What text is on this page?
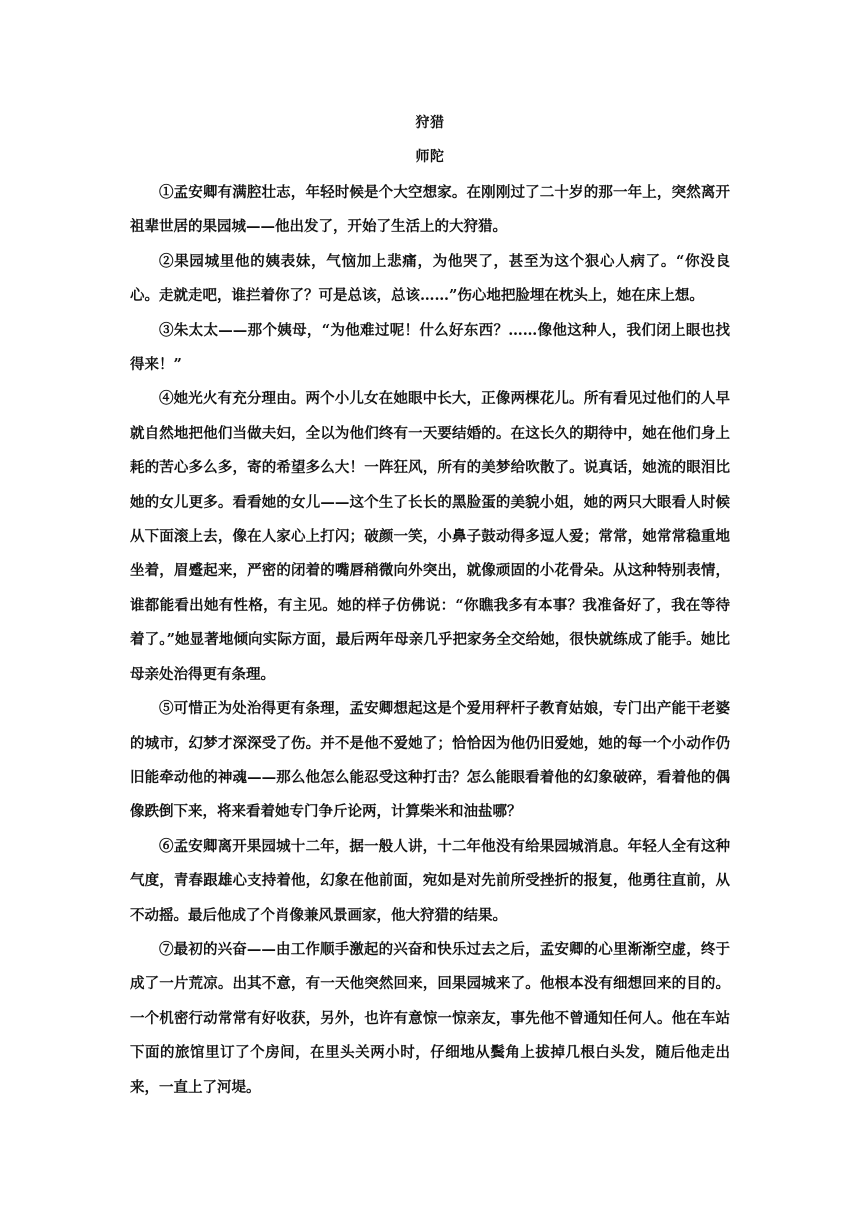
狩猎
师陀

①孟安卿有满腔壮志，年轻时候是个大空想家。在刚刚过了二十岁的那一年上，突然离开祖辈世居的果园城——他出发了，开始了生活上的大狩猎。

②果园城里他的姨表妹，气恼加上悲痛，为他哭了，甚至为这个狠心人病了。“你没良心。走就走吧，谁拦着你了？可是总该，总该……”伤心地把脸埋在枕头上，她在床上想。

③朱太太——那个姨母，“为他难过呢！什么好东西？……像他这种人，我们闭上眼也找得来！”

④她光火有充分理由。两个小儿女在她眼中长大，正像两棵花儿。所有看见过他们的人早就自然地把他们当做夫妇，全以为他们终有一天要结婚的。在这长久的期待中，她在他们身上耗的苦心多么多，寄的希望多么大！一阵狂风，所有的美梦给吹散了。说真话，她流的眼泪比她的女儿更多。看看她的女儿——这个生了长长的黑脸蛋的美貌小姐，她的两只大眼看人时候从下面滚上去，像在人家心上打闪；破颜一笑，小鼻子鼓动得多逗人爱；常常，她常常稳重地坐着，眉蹙起来，严密的闭着的嘴唇稍微向外突出，就像顽固的小花骨朵。从这种特别表情，谁都能看出她有性格，有主见。她的样子仿佛说：“你瞧我多有本事？我准备好了，我在等待着了。”她显著地倾向实际方面，最后两年母亲几乎把家务全交给她，很快就练成了能手。她比母亲处治得更有条理。

⑤可惜正为处治得更有条理，孟安卿想起这是个爱用秤杆子教育姑娘，专门出产能干老婆的城市，幻梦才深深受了伤。并不是他不爱她了；恰恰因为他仍旧爱她，她的每一个小动作仍旧能牵动他的神魂——那么他怎么能忍受这种打击？怎么能眼看着他的幻象破碎，看着他的偶像跌倒下来，将来看着她专门争斤论两，计算柴米和油盐哪？

⑥孟安卿离开果园城十二年，据一般人讲，十二年他没有给果园城消息。年轻人全有这种气度，青春跟雄心支持着他，幻象在他前面，宛如是对先前所受挫折的报复，他勇往直前，从不动摇。最后他成了个肖像兼风景画家，他大狩猎的结果。

⑦最初的兴奋——由工作顺手激起的兴奋和快乐过去之后，孟安卿的心里渐渐空虚，终于成了一片荒凉。出其不意，有一天他突然回来，回果园城来了。他根本没有细想回来的目的。一个机密行动常常有好收获，另外，也许有意惊一惊亲友，事先他不曾通知任何人。他在车站下面的旅馆里订了个房间，在里头关两小时，仔细地从鬓角上拔掉几根白头发，随后他走出来，一直上了河堤。
